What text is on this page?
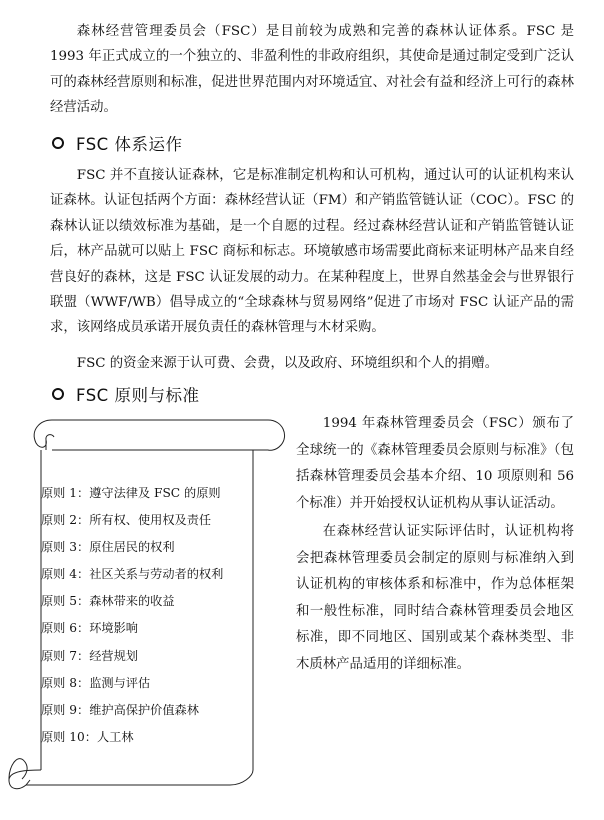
森林经营管理委员会（FSC）是目前较为成熟和完善的森林认证体系。FSC 是 1993 年正式成立的一个独立的、非盈利性的非政府组织，其使命是通过制定受到广泛认可的森林经营原则和标准，促进世界范围内对环境适宜、对社会有益和经济上可行的森林经营活动。

FSC 体系运作

FSC 并不直接认证森林，它是标准制定机构和认可机构，通过认可的认证机构来认证森林。认证包括两个方面：森林经营认证（FM）和产销监管链认证（COC）。FSC 的森林认证以绩效标准为基础，是一个自愿的过程。经过森林经营认证和产销监管链认证后，林产品就可以贴上 FSC 商标和标志。环境敏感市场需要此商标来证明林产品来自经营良好的森林，这是 FSC 认证发展的动力。在某种程度上，世界自然基金会与世界银行联盟（WWF/WB）倡导成立的“全球森林与贸易网络”促进了市场对 FSC 认证产品的需求，该网络成员承诺开展负责任的森林管理与木材采购。

FSC 的资金来源于认可费、会费，以及政府、环境组织和个人的捐赠。

FSC 原则与标准
原则 1：遵守法律及 FSC 的原则
原则 2：所有权、使用权及责任
原则 3：原住居民的权利
原则 4：社区关系与劳动者的权利
原则 5：森林带来的收益
原则 6：环境影响
原则 7：经营规划
原则 8：监测与评估
原则 9：维护高保护价值森林
原则 10：人工林

1994 年森林管理委员会（FSC）颁布了全球统一的《森林管理委员会原则与标准》（包括森林管理委员会基本介绍、10 项原则和 56 个标准）并开始授权认证机构从事认证活动。

在森林经营认证实际评估时，认证机构将会把森林管理委员会制定的原则与标准纳入到认证机构的审核体系和标准中，作为总体框架和一般性标准，同时结合森林管理委员会地区标准，即不同地区、国别或某个森林类型、非木质林产品适用的详细标准。
